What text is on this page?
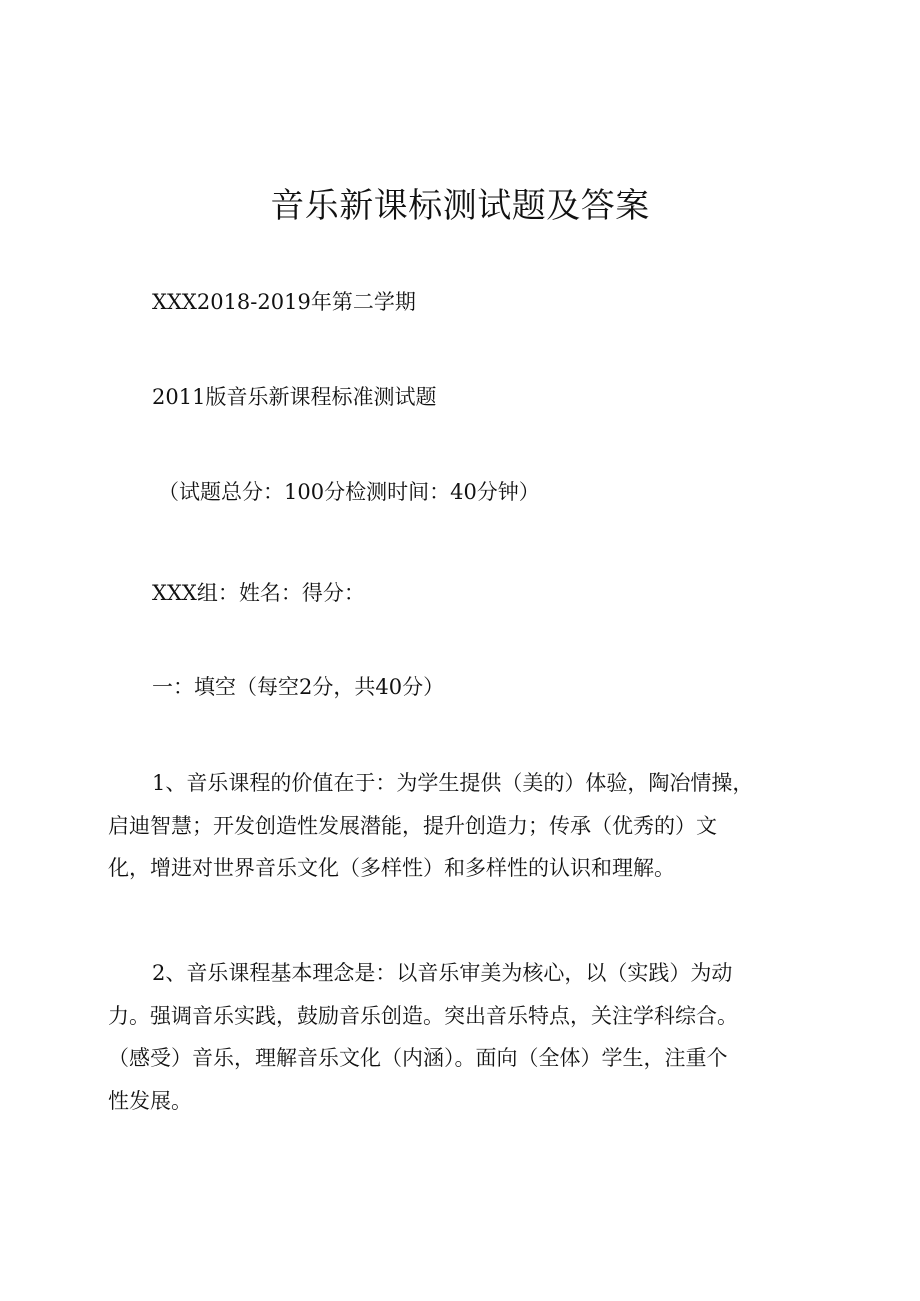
音乐新课标测试题及答案

XXX2018-2019年第二学期

2011版音乐新课程标准测试题

（试题总分：100分检测时间：40分钟）

XXX组：姓名：得分：

一：填空（每空2分，共40分）

1、音乐课程的价值在于：为学生提供（美的）体验，陶冶情操，
启迪智慧；开发创造性发展潜能，提升创造力；传承（优秀的）文
化，增进对世界音乐文化（多样性）和多样性的认识和理解。
2、音乐课程基本理念是：以音乐审美为核心，以（实践）为动
力。强调音乐实践，鼓励音乐创造。突出音乐特点，关注学科综合。
（感受）音乐，理解音乐文化（内涵）。面向（全体）学生，注重个
性发展。
